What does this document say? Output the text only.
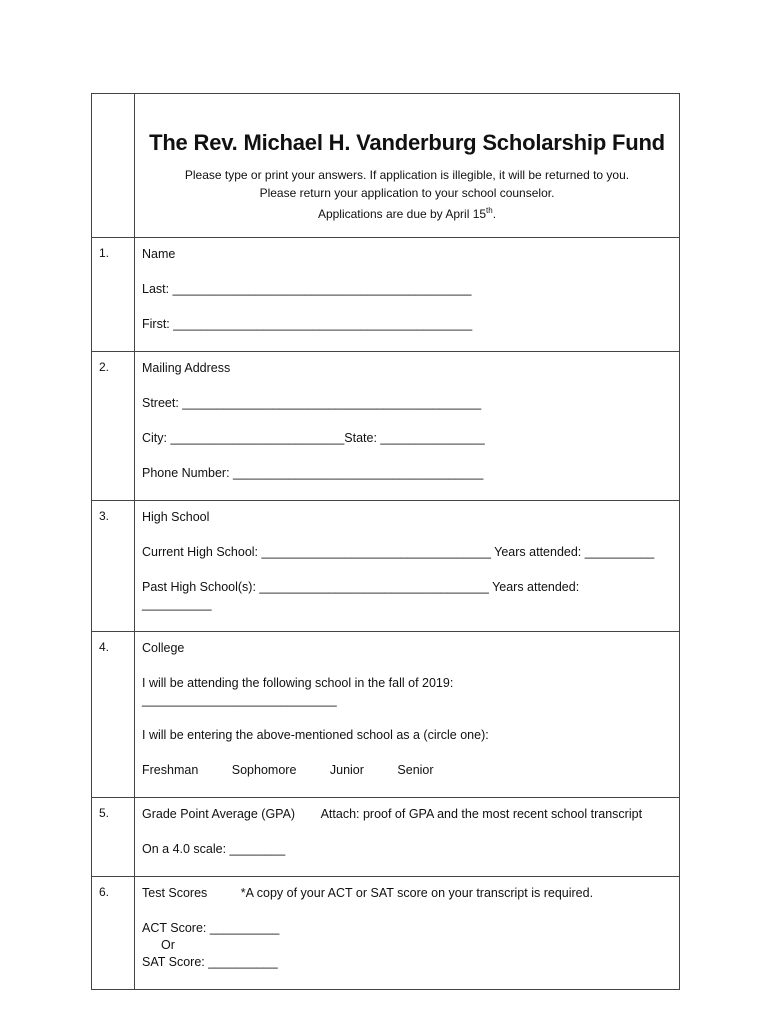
	The Rev. Michael H. Vanderburg Scholarship Fund
Please type or print your answers. If application is illegible, it will be returned to you.
Please return your application to your school counselor.
Applications are due by April 15th.

1.	Name
Last: ___________________________________________
First: ___________________________________________

2.	Mailing Address
Street: ___________________________________________
City: _________________________State: _______________
Phone Number: ____________________________________

3.	High School
Current High School: _________________________________ Years attended: __________
Past High School(s): _________________________________ Years attended:
__________

4.	College
I will be attending the following school in the fall of 2019:
____________________________
I will be entering the above-mentioned school as a (circle one):
Freshman Sophomore Junior Senior

5.	Grade Point Average (GPA) Attach: proof of GPA and the most recent school transcript
On a 4.0 scale: ________

6.	Test Scores *A copy of your ACT or SAT score on your transcript is required.
ACT Score: __________
Or
SAT Score: __________
